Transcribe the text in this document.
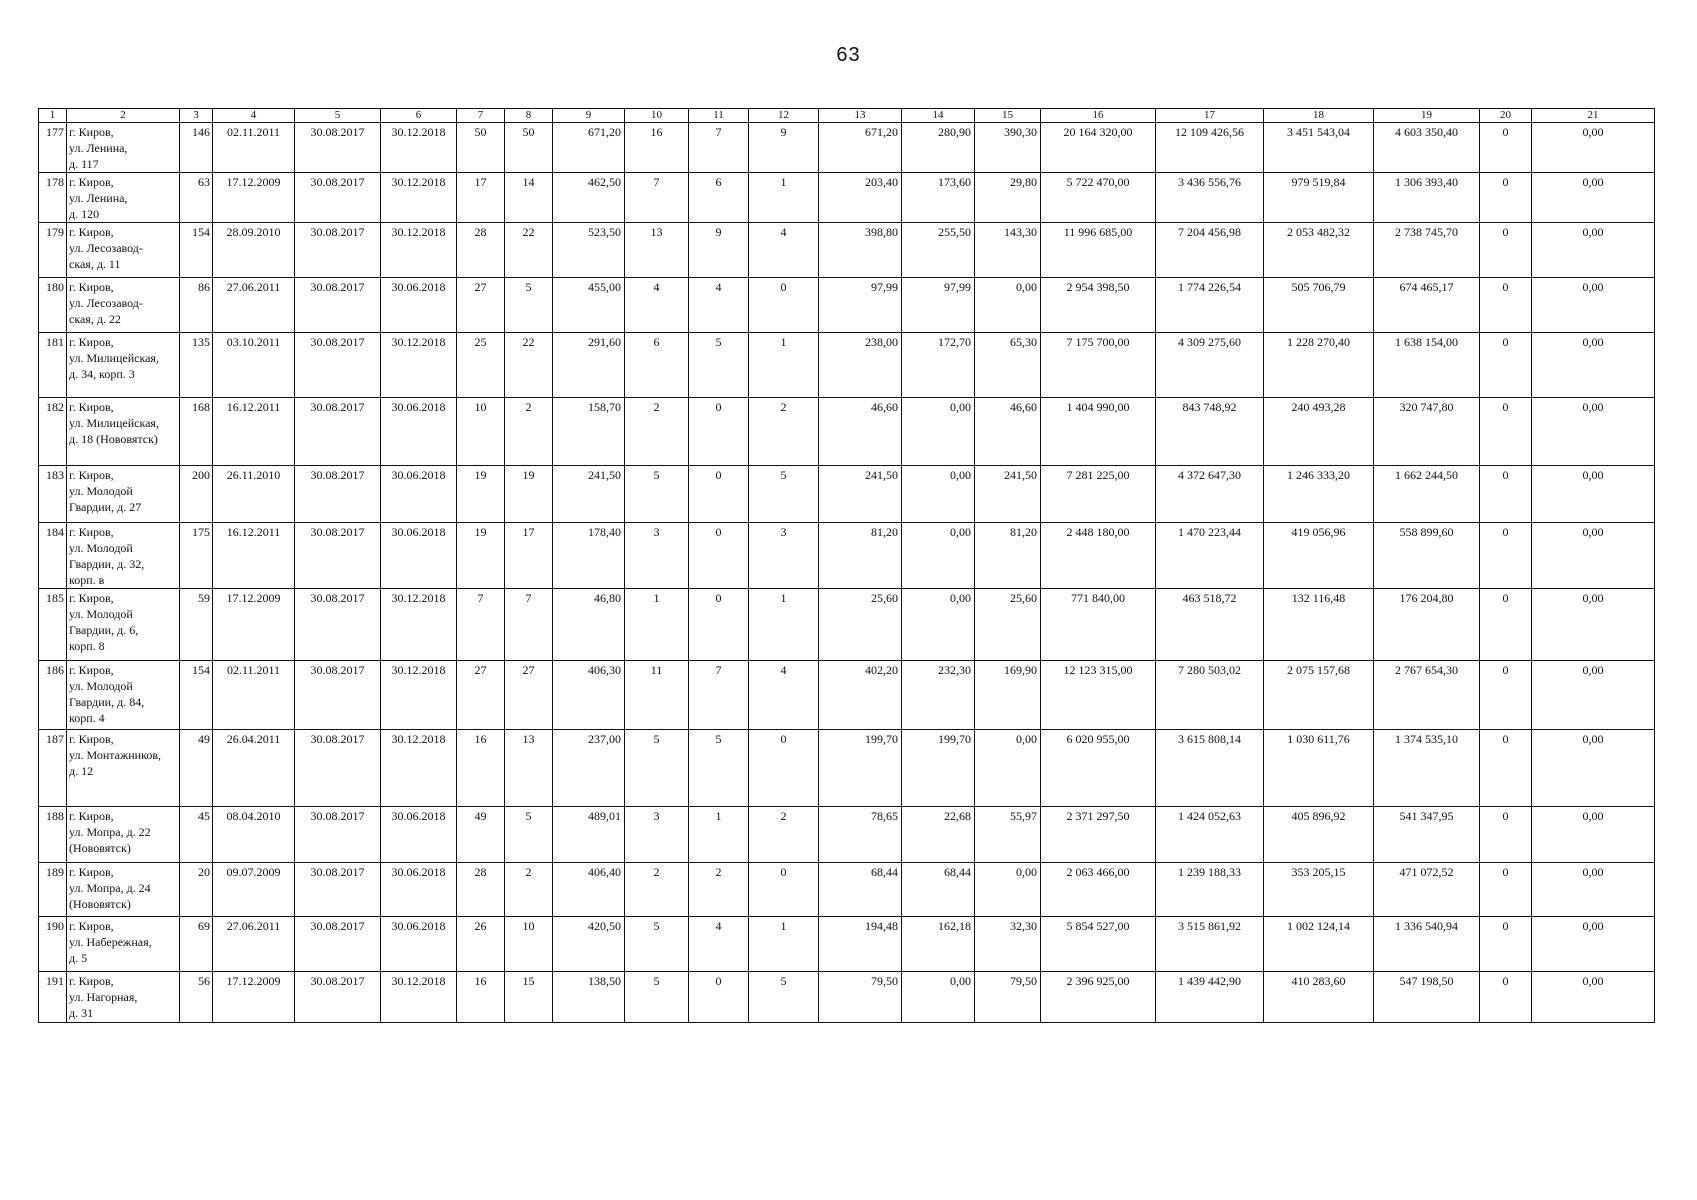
63
1	2	3	4	5	6	7	8	9	10	11	12	13	14	15	16	17	18	19	20	21
177	г. Киров,
ул. Ленина,
д. 117	146	02.11.2011	30.08.2017	30.12.2018	50	50	671,20	16	7	9	671,20	280,90	390,30	20 164 320,00	12 109 426,56	3 451 543,04	4 603 350,40	0	0,00
178	г. Киров,
ул. Ленина,
д. 120	63	17.12.2009	30.08.2017	30.12.2018	17	14	462,50	7	6	1	203,40	173,60	29,80	5 722 470,00	3 436 556,76	979 519,84	1 306 393,40	0	0,00
179	г. Киров,
ул. Лесозавод-
ская, д. 11	154	28.09.2010	30.08.2017	30.12.2018	28	22	523,50	13	9	4	398,80	255,50	143,30	11 996 685,00	7 204 456,98	2 053 482,32	2 738 745,70	0	0,00
180	г. Киров,
ул. Лесозавод-
ская, д. 22	86	27.06.2011	30.08.2017	30.06.2018	27	5	455,00	4	4	0	97,99	97,99	0,00	2 954 398,50	1 774 226,54	505 706,79	674 465,17	0	0,00
181	г. Киров,
ул. Милицейская,
д. 34, корп. 3	135	03.10.2011	30.08.2017	30.12.2018	25	22	291,60	6	5	1	238,00	172,70	65,30	7 175 700,00	4 309 275,60	1 228 270,40	1 638 154,00	0	0,00
182	г. Киров,
ул. Милицейская,
д. 18 (Нововятск)	168	16.12.2011	30.08.2017	30.06.2018	10	2	158,70	2	0	2	46,60	0,00	46,60	1 404 990,00	843 748,92	240 493,28	320 747,80	0	0,00
183	г. Киров,
ул. Молодой
Гвардии, д. 27	200	26.11.2010	30.08.2017	30.06.2018	19	19	241,50	5	0	5	241,50	0,00	241,50	7 281 225,00	4 372 647,30	1 246 333,20	1 662 244,50	0	0,00
184	г. Киров,
ул. Молодой
Гвардии, д. 32,
корп. в	175	16.12.2011	30.08.2017	30.06.2018	19	17	178,40	3	0	3	81,20	0,00	81,20	2 448 180,00	1 470 223,44	419 056,96	558 899,60	0	0,00
185	г. Киров,
ул. Молодой
Гвардии, д. 6,
корп. 8	59	17.12.2009	30.08.2017	30.12.2018	7	7	46,80	1	0	1	25,60	0,00	25,60	771 840,00	463 518,72	132 116,48	176 204,80	0	0,00
186	г. Киров,
ул. Молодой
Гвардии, д. 84,
корп. 4	154	02.11.2011	30.08.2017	30.12.2018	27	27	406,30	11	7	4	402,20	232,30	169,90	12 123 315,00	7 280 503,02	2 075 157,68	2 767 654,30	0	0,00
187	г. Киров,
ул. Монтажников,
д. 12	49	26.04.2011	30.08.2017	30.12.2018	16	13	237,00	5	5	0	199,70	199,70	0,00	6 020 955,00	3 615 808,14	1 030 611,76	1 374 535,10	0	0,00
188	г. Киров,
ул. Мопра, д. 22
(Нововятск)	45	08.04.2010	30.08.2017	30.06.2018	49	5	489,01	3	1	2	78,65	22,68	55,97	2 371 297,50	1 424 052,63	405 896,92	541 347,95	0	0,00
189	г. Киров,
ул. Мопра, д. 24
(Нововятск)	20	09.07.2009	30.08.2017	30.06.2018	28	2	406,40	2	2	0	68,44	68,44	0,00	2 063 466,00	1 239 188,33	353 205,15	471 072,52	0	0,00
190	г. Киров,
ул. Набережная,
д. 5	69	27.06.2011	30.08.2017	30.06.2018	26	10	420,50	5	4	1	194,48	162,18	32,30	5 854 527,00	3 515 861,92	1 002 124,14	1 336 540,94	0	0,00
191	г. Киров,
ул. Нагорная,
д. 31	56	17.12.2009	30.08.2017	30.12.2018	16	15	138,50	5	0	5	79,50	0,00	79,50	2 396 925,00	1 439 442,90	410 283,60	547 198,50	0	0,00
